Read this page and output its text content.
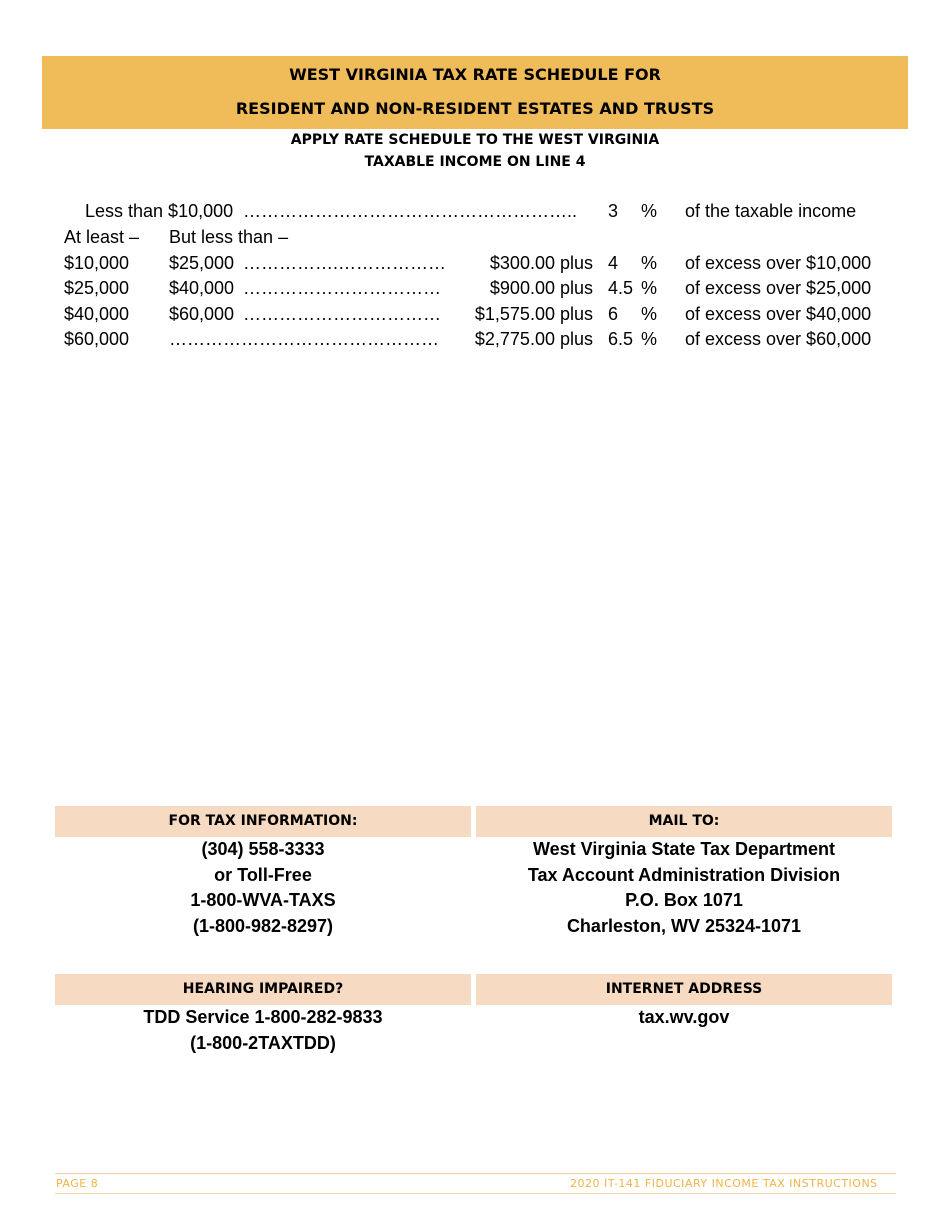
WEST VIRGINIA TAX RATE SCHEDULE FOR
RESIDENT AND NON-RESIDENT ESTATES AND TRUSTS
APPLY RATE SCHEDULE TO THE WEST VIRGINIA
TAXABLE INCOME ON LINE 4
Less than $10,000 ……………………………………………….. 3 % of the taxable income
At least – But less than –
$10,000 $25,000 …………….………………	$300.00 plus 4 % of excess over $10,000
$25,000 $40,000 ……………………………	$900.00 plus 4.5 % of excess over $25,000
$40,000 $60,000 ……………………………	$1,575.00 plus 6 % of excess over $40,000
$60,000 ………………………………………	$2,775.00 plus 6.5 % of excess over $60,000
FOR TAX INFORMATION:
(304) 558-3333
or Toll-Free
1-800-WVA-TAXS
(1-800-982-8297)
MAIL TO:
West Virginia State Tax Department
Tax Account Administration Division
P.O. Box 1071
Charleston, WV 25324-1071
HEARING IMPAIRED?
TDD Service 1-800-282-9833
(1-800-2TAXTDD)
INTERNET ADDRESS
tax.wv.gov
PAGE 8	2020 IT-141 FIDUCIARY INCOME TAX INSTRUCTIONS
